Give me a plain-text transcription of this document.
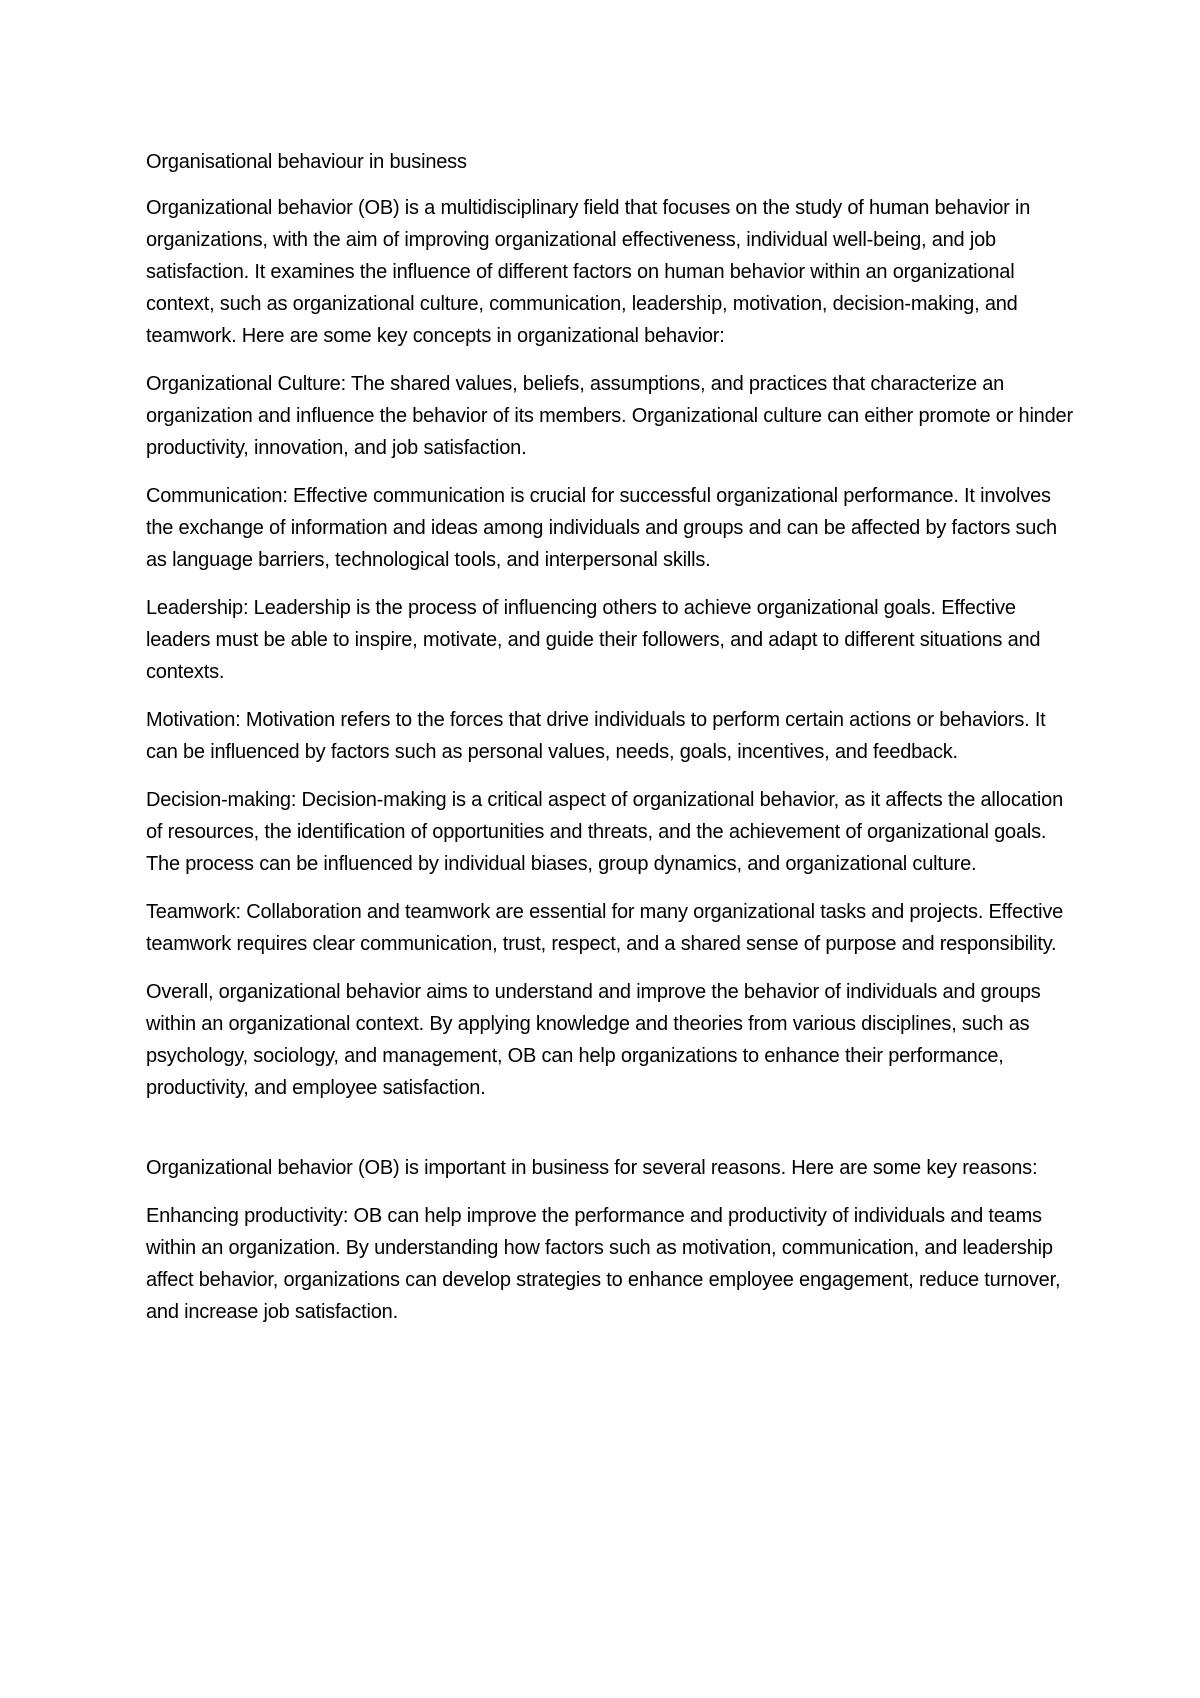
Organisational behaviour in business

Organizational behavior (OB) is a multidisciplinary field that focuses on the study of human behavior in organizations, with the aim of improving organizational effectiveness, individual well-being, and job satisfaction. It examines the influence of different factors on human behavior within an organizational context, such as organizational culture, communication, leadership, motivation, decision-making, and teamwork. Here are some key concepts in organizational behavior:

Organizational Culture: The shared values, beliefs, assumptions, and practices that characterize an organization and influence the behavior of its members. Organizational culture can either promote or hinder productivity, innovation, and job satisfaction.

Communication: Effective communication is crucial for successful organizational performance. It involves the exchange of information and ideas among individuals and groups and can be affected by factors such as language barriers, technological tools, and interpersonal skills.

Leadership: Leadership is the process of influencing others to achieve organizational goals. Effective leaders must be able to inspire, motivate, and guide their followers, and adapt to different situations and contexts.

Motivation: Motivation refers to the forces that drive individuals to perform certain actions or behaviors. It can be influenced by factors such as personal values, needs, goals, incentives, and feedback.

Decision-making: Decision-making is a critical aspect of organizational behavior, as it affects the allocation of resources, the identification of opportunities and threats, and the achievement of organizational goals. The process can be influenced by individual biases, group dynamics, and organizational culture.

Teamwork: Collaboration and teamwork are essential for many organizational tasks and projects. Effective teamwork requires clear communication, trust, respect, and a shared sense of purpose and responsibility.

Overall, organizational behavior aims to understand and improve the behavior of individuals and groups within an organizational context. By applying knowledge and theories from various disciplines, such as psychology, sociology, and management, OB can help organizations to enhance their performance, productivity, and employee satisfaction.

Organizational behavior (OB) is important in business for several reasons. Here are some key reasons:

Enhancing productivity: OB can help improve the performance and productivity of individuals and teams within an organization. By understanding how factors such as motivation, communication, and leadership affect behavior, organizations can develop strategies to enhance employee engagement, reduce turnover, and increase job satisfaction.
